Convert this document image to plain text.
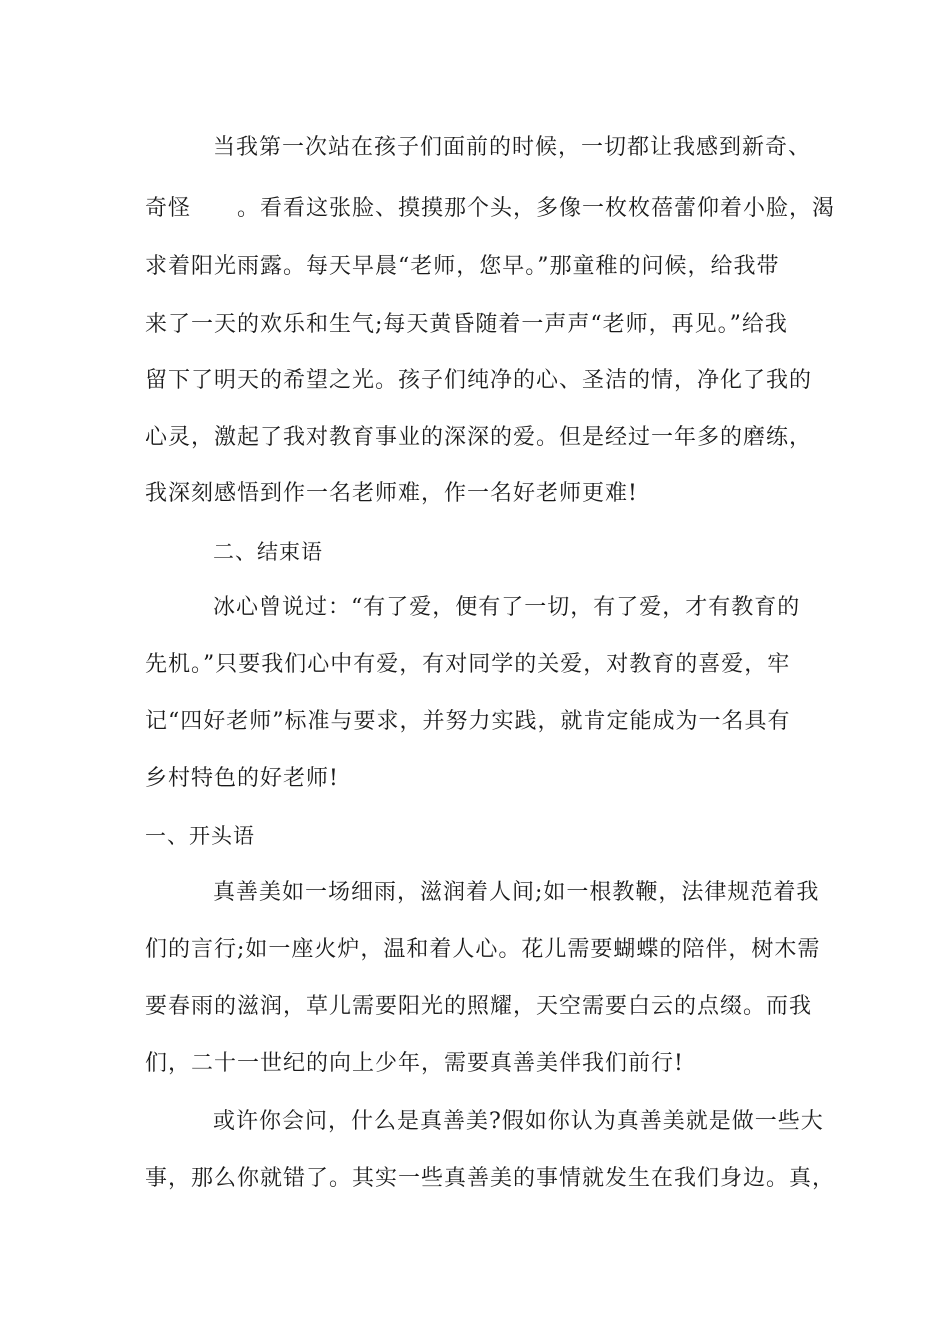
当我第一次站在孩子们面前的时候，一切都让我感到新奇、
奇怪　　。看看这张脸、摸摸那个头，多像一枚枚蓓蕾仰着小脸，渴
求着阳光雨露。每天早晨“老师，您早。”那童稚的问候，给我带
来了一天的欢乐和生气;每天黄昏随着一声声“老师，再见。”给我
留下了明天的希望之光。孩子们纯净的心、圣洁的情，净化了我的
心灵，激起了我对教育事业的深深的爱。但是经过一年多的磨练，
我深刻感悟到作一名老师难，作一名好老师更难!
二、结束语
冰心曾说过：“有了爱，便有了一切，有了爱，才有教育的
先机。”只要我们心中有爱，有对同学的关爱，对教育的喜爱，牢
记“四好老师”标准与要求，并努力实践，就肯定能成为一名具有
乡村特色的好老师!
一、开头语
真善美如一场细雨，滋润着人间;如一根教鞭，法律规范着我
们的言行;如一座火炉，温和着人心。花儿需要蝴蝶的陪伴，树木需
要春雨的滋润，草儿需要阳光的照耀，天空需要白云的点缀。而我
们，二十一世纪的向上少年，需要真善美伴我们前行!
或许你会问，什么是真善美?假如你认为真善美就是做一些大
事，那么你就错了。其实一些真善美的事情就发生在我们身边。真，
